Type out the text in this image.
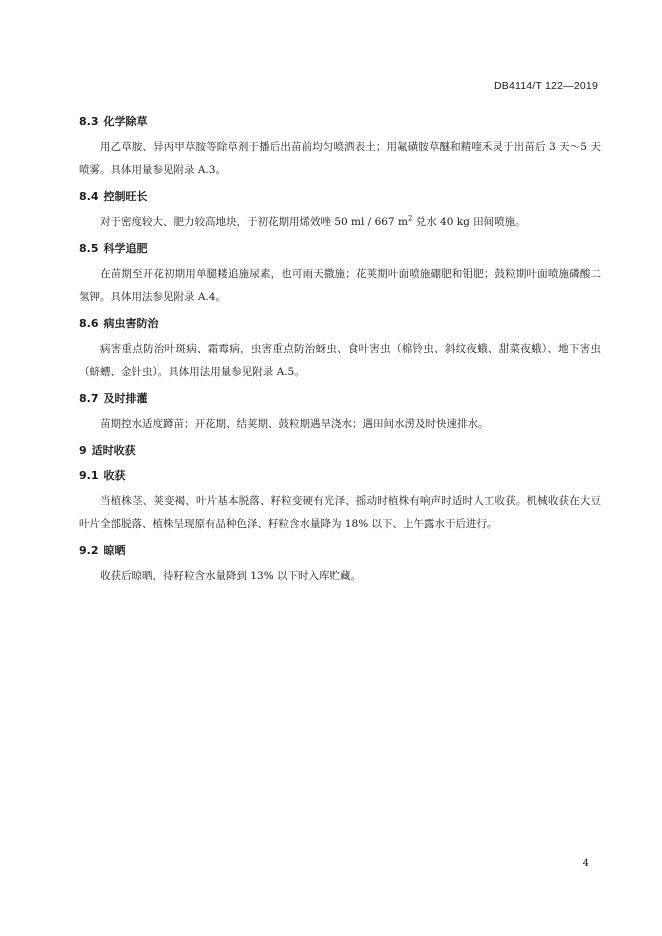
DB4114/T 122—2019

8.3 化学除草

用乙草胺、异丙甲草胺等除草剂于播后出苗前均匀喷洒表土；用氟磺胺草醚和精喹禾灵于出苗后 3 天～5 天喷雾。具体用量参见附录 A.3。

8.4 控制旺长

对于密度较大、肥力较高地块，于初花期用烯效唑 50 ml / 667 $m^2$ 兑水 40 kg 田间喷施。

8.5 科学追肥

在苗期至开花初期用单腿耧追施尿素，也可雨天撒施；花荚期叶面喷施硼肥和钼肥；鼓粒期叶面喷施磷酸二氢钾。具体用法参见附录 A.4。

8.6 病虫害防治

病害重点防治叶斑病、霜霉病，虫害重点防治蚜虫、食叶害虫（棉铃虫、斜纹夜蛾、甜菜夜蛾）、地下害虫（蛴螬、金针虫）。具体用法用量参见附录 A.5。

8.7 及时排灌

苗期控水适度蹲苗；开花期、结荚期、鼓粒期遇旱浇水；遇田间水涝及时快速排水。

9 适时收获

9.1 收获

当植株茎、荚变褐、叶片基本脱落、籽粒变硬有光泽、摇动时植株有响声时适时人工收获。机械收获在大豆叶片全部脱落、植株呈现原有品种色泽、籽粒含水量降为 18% 以下、上午露水干后进行。

9.2 晾晒

收获后晾晒，待籽粒含水量降到 13% 以下时入库贮藏。

4
